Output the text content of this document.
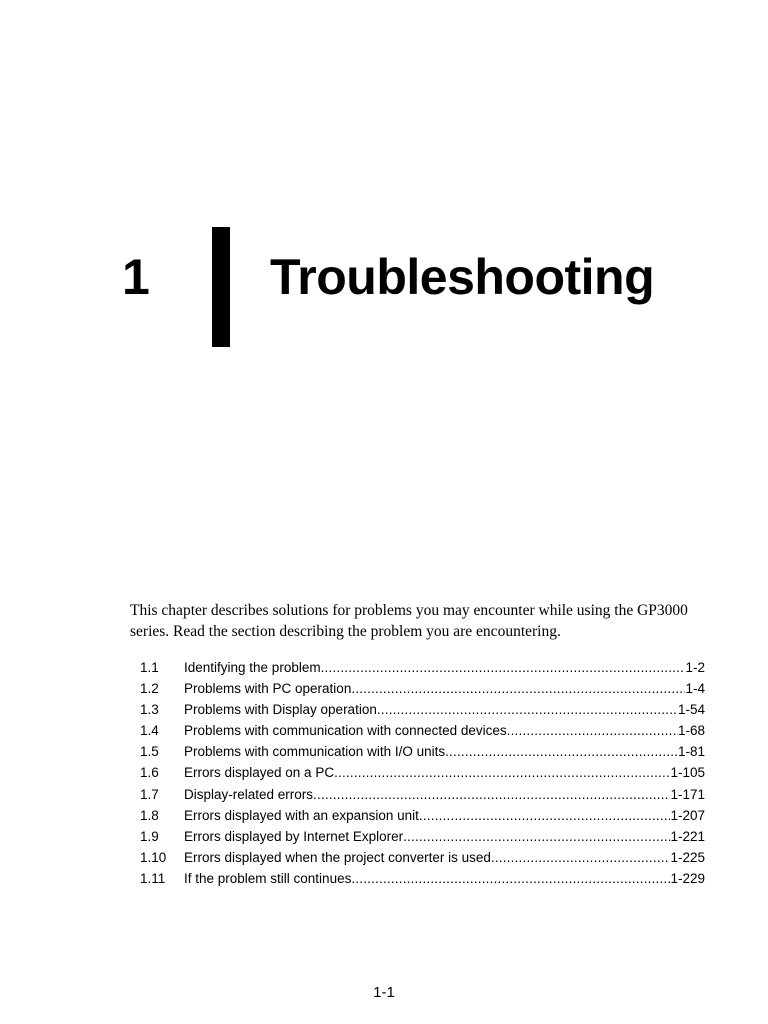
1 Troubleshooting

This chapter describes solutions for problems you may encounter while using the GP3000 series. Read the section describing the problem you are encountering.

1.1	Identifying the problem .....	1-2
1.2	Problems with PC operation .....	1-4
1.3	Problems with Display operation .....	1-54
1.4	Problems with communication with connected devices .....	1-68
1.5	Problems with communication with I/O units .....	1-81
1.6	Errors displayed on a PC .....	1-105
1.7	Display-related errors .....	1-171
1.8	Errors displayed with an expansion unit .....	1-207
1.9	Errors displayed by Internet Explorer .....	1-221
1.10	Errors displayed when the project converter is used .....	1-225
1.11	If the problem still continues .....	1-229

1-1
